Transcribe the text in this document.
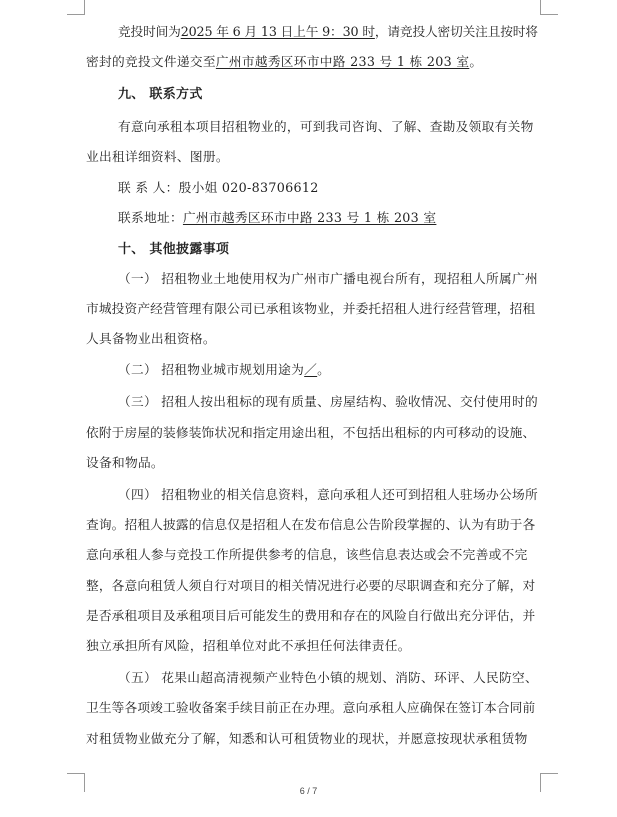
竞投时间为2025 年 6 月 13 日上午 9：30 时，请竞投人密切关注且按时将
密封的竞投文件递交至广州市越秀区环市中路 233 号 1 栋 203 室。
九、 联系方式
有意向承租本项目招租物业的，可到我司咨询、了解、查勘及领取有关物
业出租详细资料、图册。
联 系 人：殷小姐 020-83706612
联系地址：广州市越秀区环市中路 233 号 1 栋 203 室
十、 其他披露事项
（一） 招租物业土地使用权为广州市广播电视台所有，现招租人所属广州
市城投资产经营管理有限公司已承租该物业，并委托招租人进行经营管理，招租
人具备物业出租资格。
（二） 招租物业城市规划用途为／。
（三） 招租人按出租标的现有质量、房屋结构、验收情况、交付使用时的
依附于房屋的装修装饰状况和指定用途出租，不包括出租标的内可移动的设施、
设备和物品。
（四） 招租物业的相关信息资料，意向承租人还可到招租人驻场办公场所
查询。招租人披露的信息仅是招租人在发布信息公告阶段掌握的、认为有助于各
意向承租人参与竞投工作所提供参考的信息，该些信息表达或会不完善或不完
整，各意向租赁人须自行对项目的相关情况进行必要的尽职调查和充分了解，对
是否承租项目及承租项目后可能发生的费用和存在的风险自行做出充分评估，并
独立承担所有风险，招租单位对此不承担任何法律责任。
（五） 花果山超高清视频产业特色小镇的规划、消防、环评、人民防空、
卫生等各项竣工验收备案手续目前正在办理。意向承租人应确保在签订本合同前
对租赁物业做充分了解，知悉和认可租赁物业的现状，并愿意按现状承租赁物
6 / 7
